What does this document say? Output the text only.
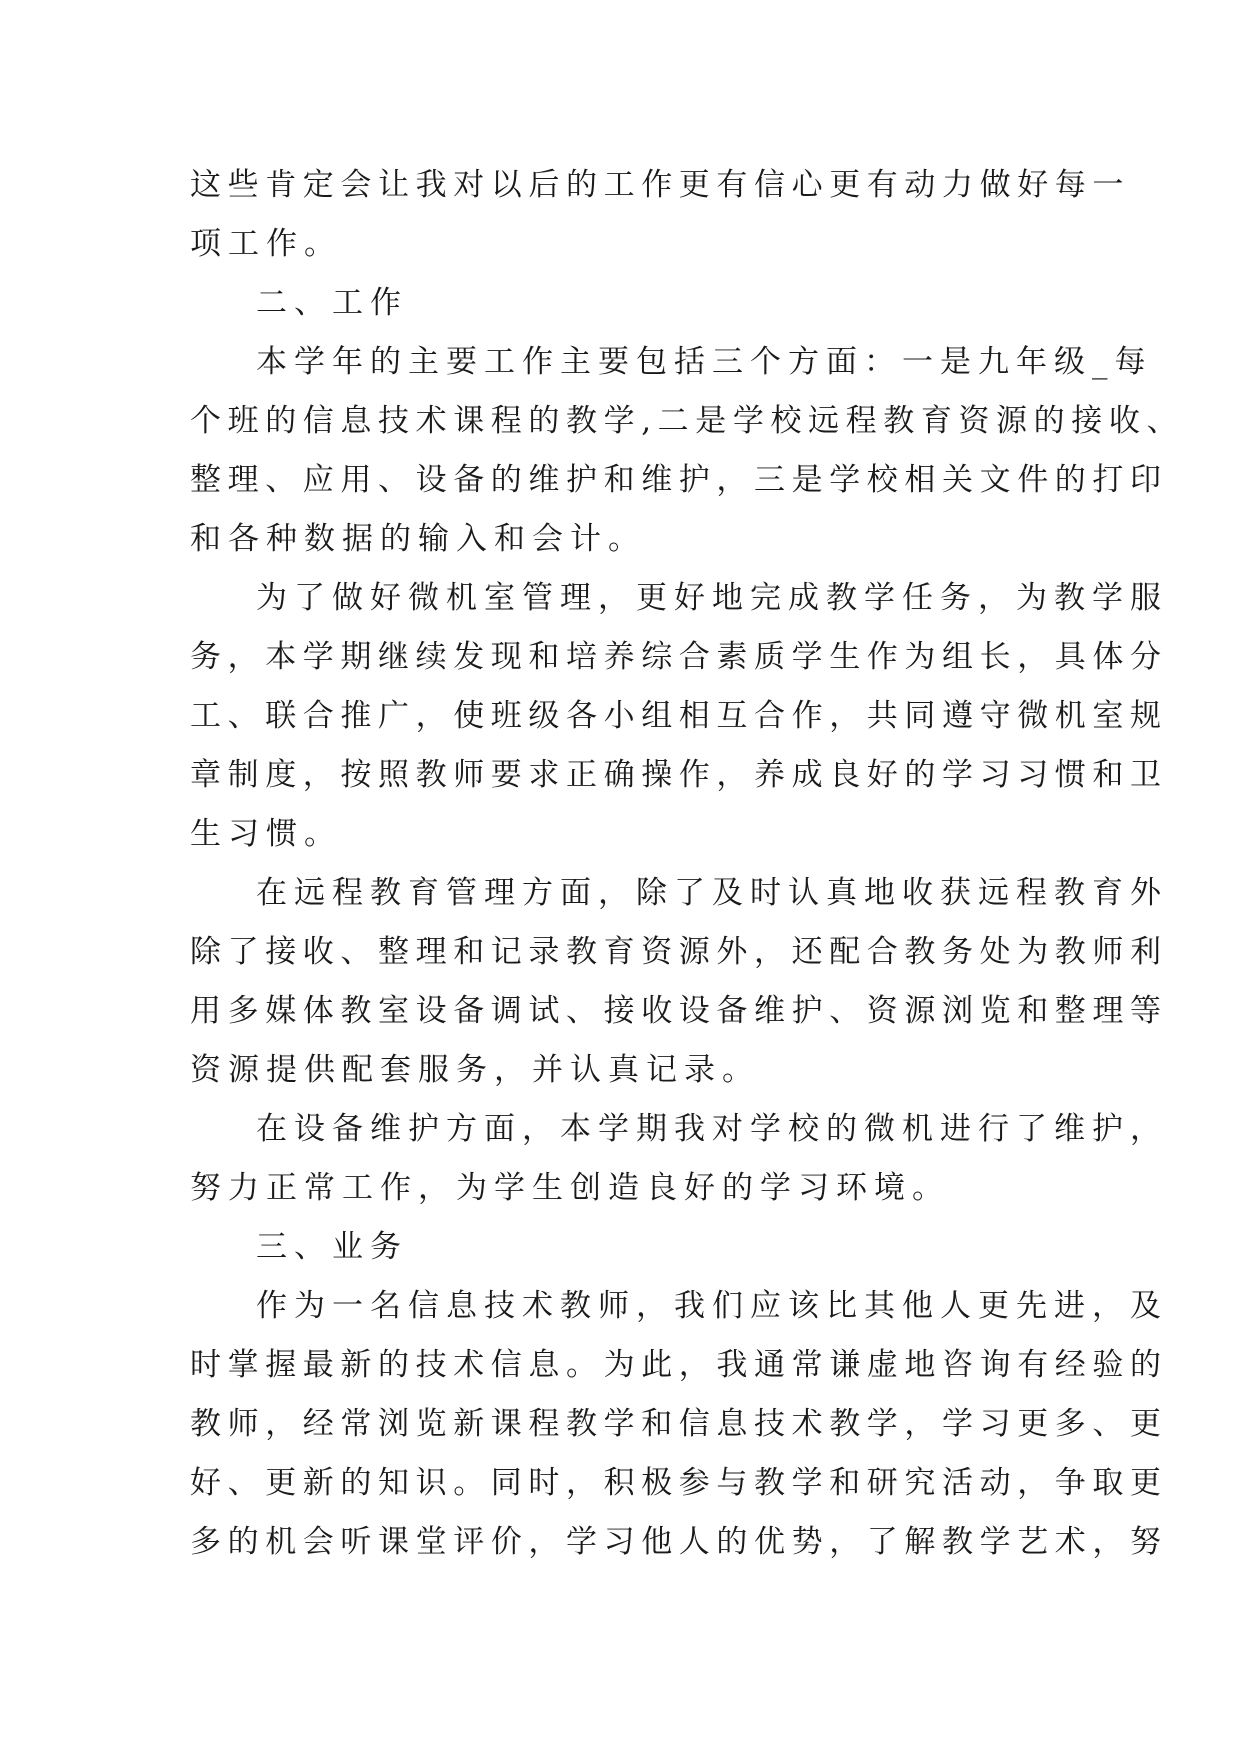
这些肯定会让我对以后的工作更有信心更有动力做好每一
项工作。
二、工作
本学年的主要工作主要包括三个方面：一是九年级_每
个班的信息技术课程的教学,二是学校远程教育资源的接收、
整理、应用、设备的维护和维护，三是学校相关文件的打印
和各种数据的输入和会计。
为了做好微机室管理，更好地完成教学任务，为教学服
务，本学期继续发现和培养综合素质学生作为组长，具体分
工、联合推广，使班级各小组相互合作，共同遵守微机室规
章制度，按照教师要求正确操作，养成良好的学习习惯和卫
生习惯。
在远程教育管理方面，除了及时认真地收获远程教育外
除了接收、整理和记录教育资源外，还配合教务处为教师利
用多媒体教室设备调试、接收设备维护、资源浏览和整理等
资源提供配套服务，并认真记录。
在设备维护方面，本学期我对学校的微机进行了维护，
努力正常工作，为学生创造良好的学习环境。
三、业务
作为一名信息技术教师，我们应该比其他人更先进，及
时掌握最新的技术信息。为此，我通常谦虚地咨询有经验的
教师，经常浏览新课程教学和信息技术教学，学习更多、更
好、更新的知识。同时，积极参与教学和研究活动，争取更
多的机会听课堂评价，学习他人的优势，了解教学艺术，努
